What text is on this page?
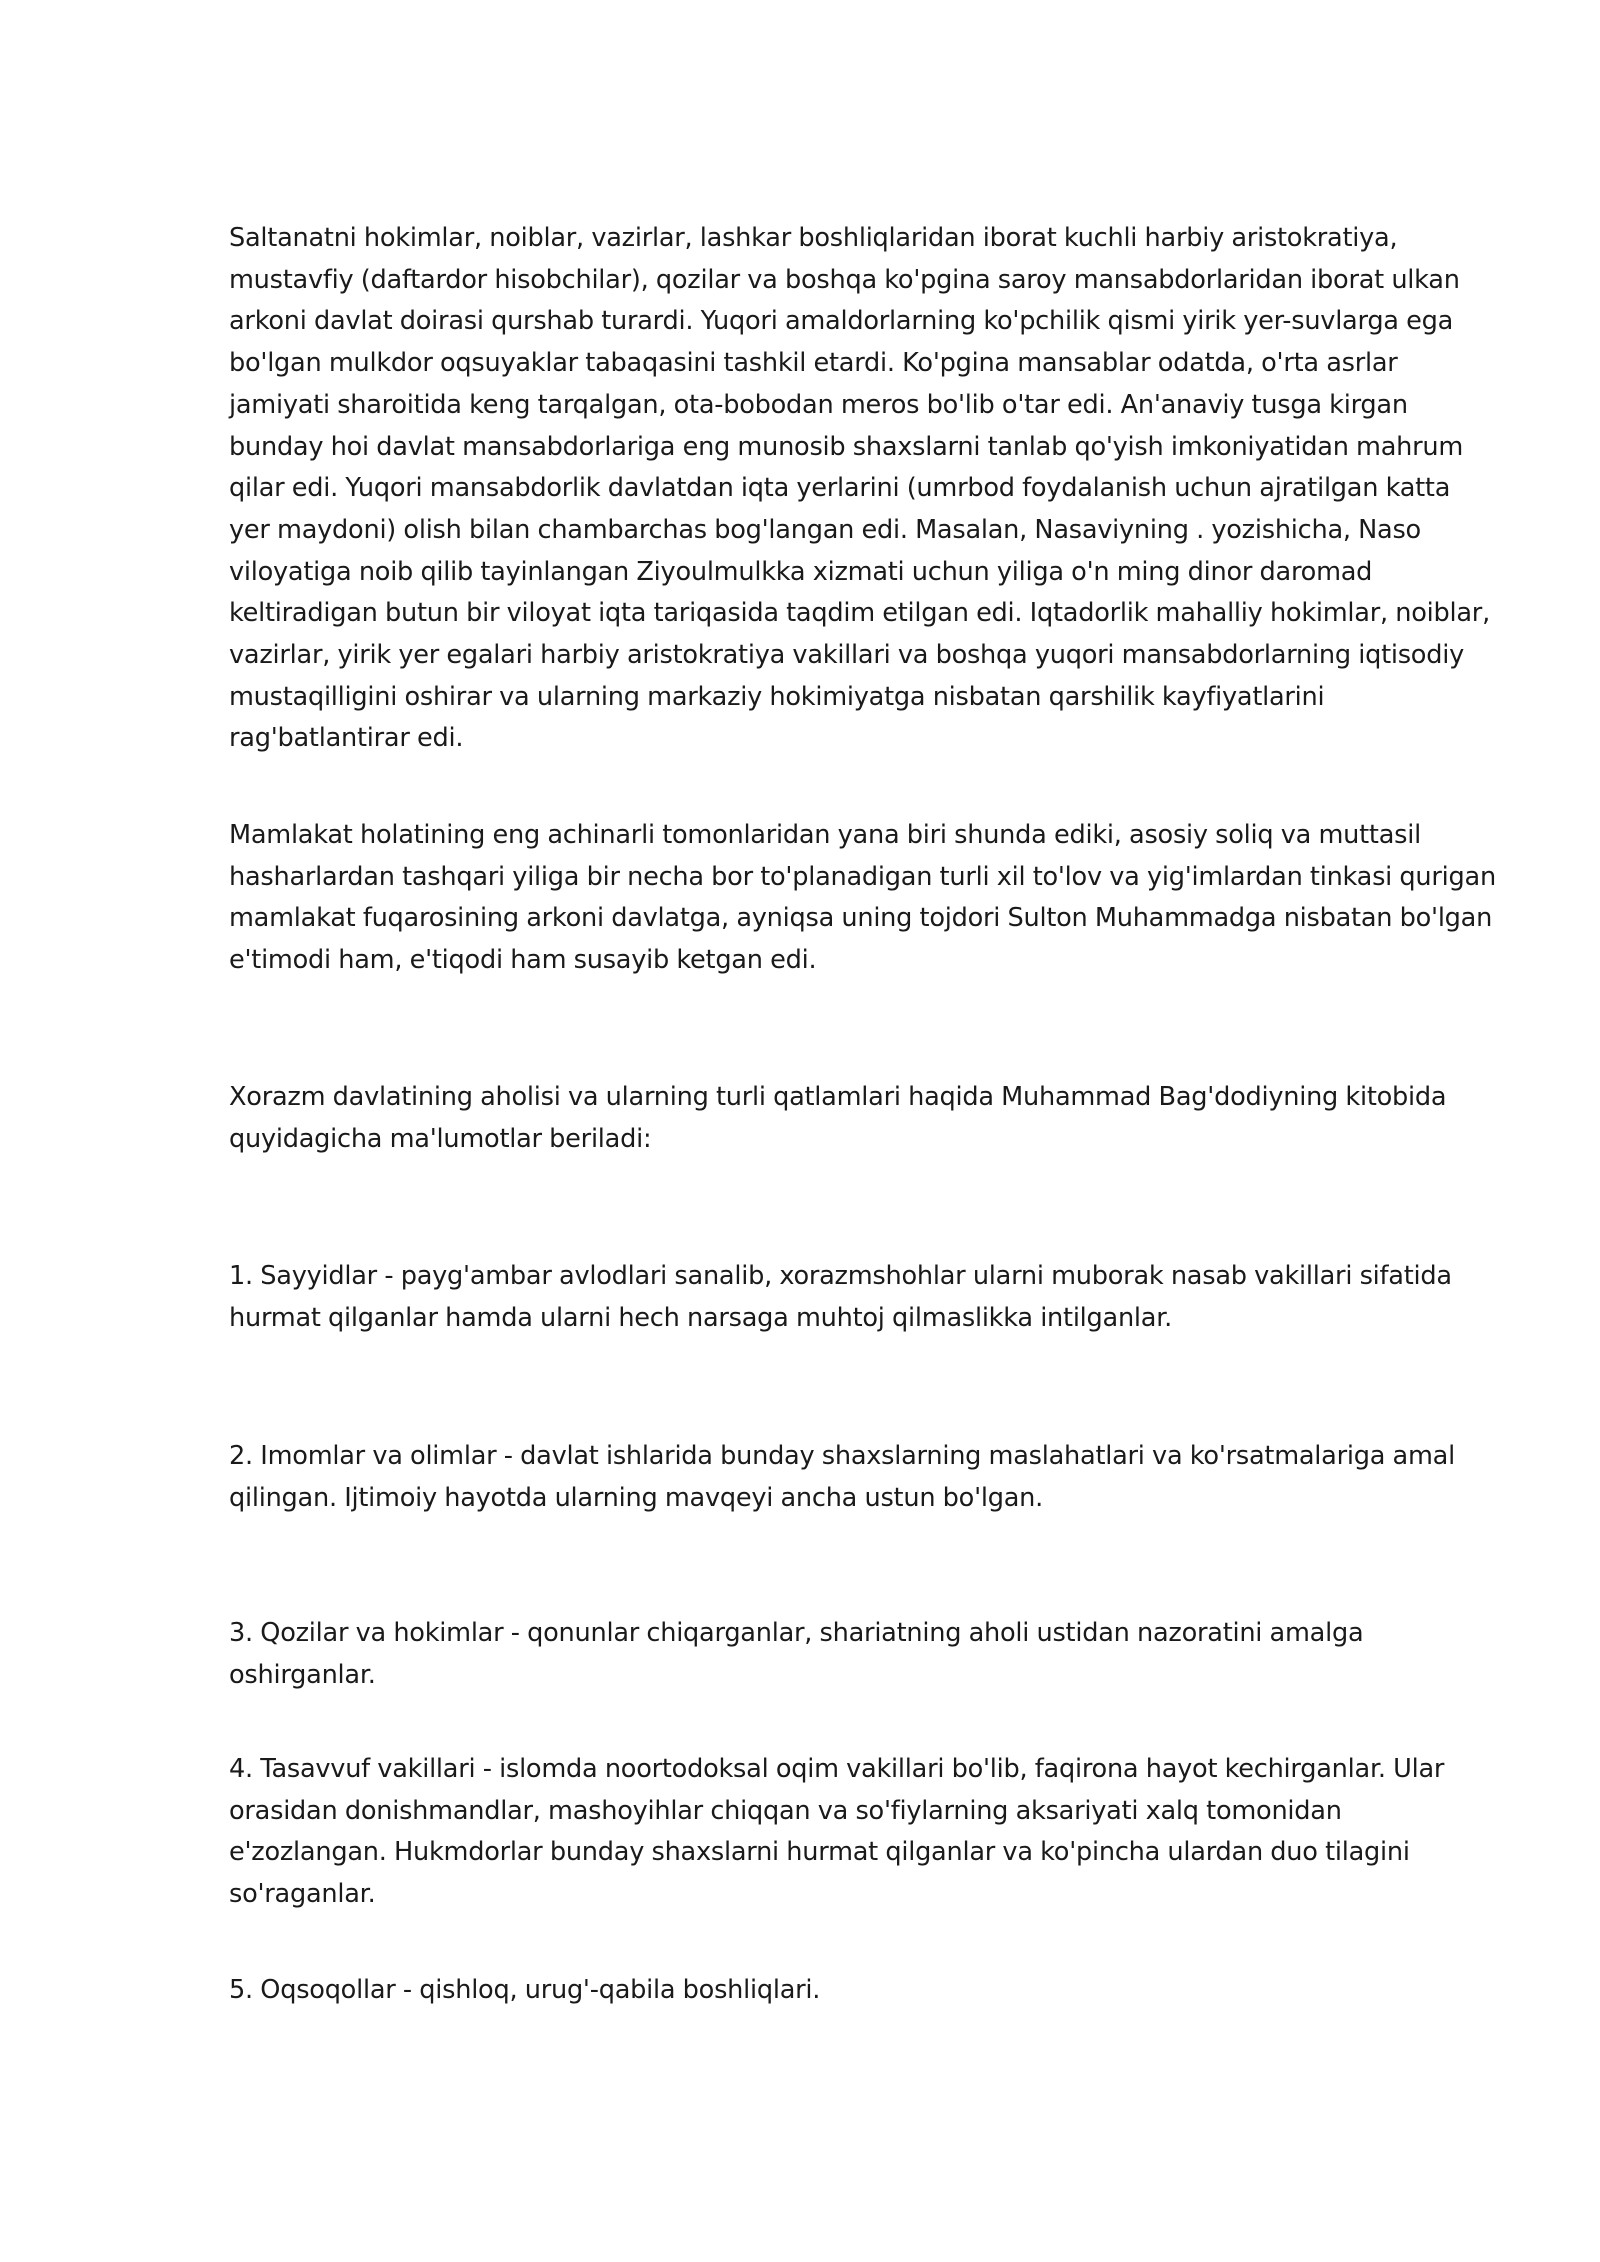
Saltanatni hokimlar, noiblar, vazirlar, lashkar boshliqlaridan iborat kuchli harbiy aristokratiya, mustavfiy (daftardor hisobchilar), qozilar va boshqa ko'pgina saroy mansabdorlaridan iborat ulkan arkoni davlat doirasi qurshab turardi. Yuqori amaldorlarning ko'pchilik qismi yirik yer-suvlarga ega bo'lgan mulkdor oqsuyaklar tabaqasini tashkil etardi. Ko'pgina mansablar odatda, o'rta asrlar jamiyati sharoitida keng tarqalgan, ota-bobodan meros bo'lib o'tar edi. An'anaviy tusga kirgan bunday hoi davlat mansabdorlariga eng munosib shaxslarni tanlab qo'yish imkoniyatidan mahrum qilar edi. Yuqori mansabdorlik davlatdan iqta yerlarini (umrbod foydalanish uchun ajratilgan katta yer maydoni) olish bilan chambarchas bog'langan edi. Masalan, Nasaviyning . yozishicha, Naso viloyatiga noib qilib tayinlangan Ziyoulmulkka xizmati uchun yiliga o'n ming dinor daromad keltiradigan butun bir viloyat iqta tariqasida taqdim etilgan edi. Iqtadorlik mahalliy hokimlar, noiblar, vazirlar, yirik yer egalari harbiy aristokratiya vakillari va boshqa yuqori mansabdorlarning iqtisodiy mustaqilligini oshirar va ularning markaziy hokimiyatga nisbatan qarshilik kayfiyatlarini rag'batlantirar edi.

Mamlakat holatining eng achinarli tomonlaridan yana biri shunda ediki, asosiy soliq va muttasil hasharlardan tashqari yiliga bir necha bor to'planadigan turli xil to'lov va yig'imlardan tinkasi qurigan mamlakat fuqarosining arkoni davlatga, ayniqsa uning tojdori Sulton Muhammadga nisbatan bo'lgan e'timodi ham, e'tiqodi ham susayib ketgan edi.

Xorazm davlatining aholisi va ularning turli qatlamlari haqida Muhammad Bag'dodiyning kitobida quyidagicha ma'lumotlar beriladi:

1. Sayyidlar - payg'ambar avlodlari sanalib, xorazmshohlar ularni muborak nasab vakillari sifatida hurmat qilganlar hamda ularni hech narsaga muhtoj qilmaslikka intilganlar.

2. Imomlar va olimlar - davlat ishlarida bunday shaxslarning maslahatlari va ko'rsatmalariga amal qilingan. Ijtimoiy hayotda ularning mavqeyi ancha ustun bo'lgan.

3. Qozilar va hokimlar - qonunlar chiqarganlar, shariatning aholi ustidan nazoratini amalga oshirganlar.

4. Tasavvuf vakillari - islomda noortodoksal oqim vakillari bo'lib, faqirona hayot kechirganlar. Ular orasidan donishmandlar, mashoyihlar chiqqan va so'fiylarning aksariyati xalq tomonidan e'zozlangan. Hukmdorlar bunday shaxslarni hurmat qilganlar va ko'pincha ulardan duo tilagini so'raganlar.

5. Oqsoqollar - qishloq, urug'-qabila boshliqlari.
